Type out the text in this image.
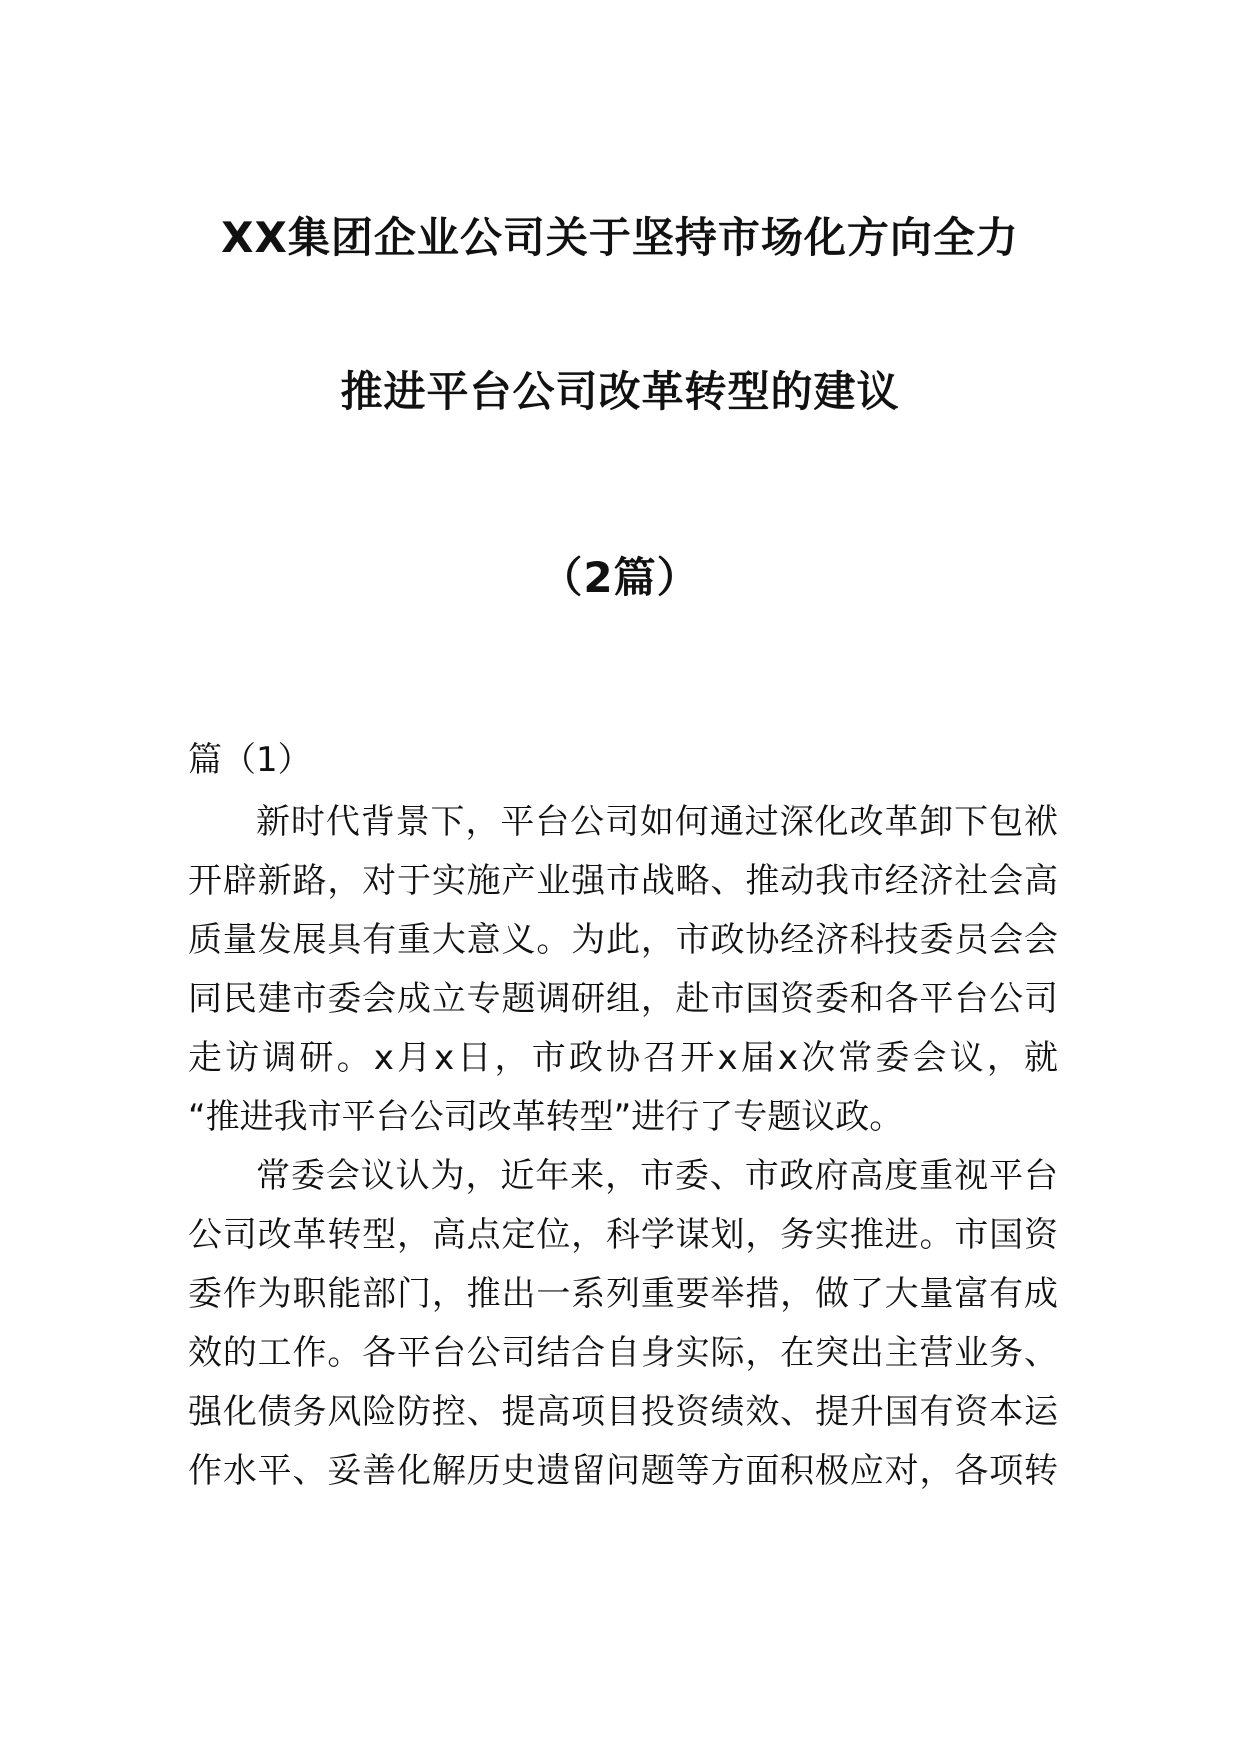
XX集团企业公司关于坚持市场化方向全力
推进平台公司改革转型的建议
（2篇）
篇（1）
新时代背景下，平台公司如何通过深化改革卸下包袱
开辟新路，对于实施产业强市战略、推动我市经济社会高
质量发展具有重大意义。为此，市政协经济科技委员会会
同民建市委会成立专题调研组，赴市国资委和各平台公司
走访调研。x月x日，市政协召开x届x次常委会议，就
“推进我市平台公司改革转型”进行了专题议政。
常委会议认为，近年来，市委、市政府高度重视平台
公司改革转型，高点定位，科学谋划，务实推进。市国资
委作为职能部门，推出一系列重要举措，做了大量富有成
效的工作。各平台公司结合自身实际，在突出主营业务、
强化债务风险防控、提高项目投资绩效、提升国有资本运
作水平、妥善化解历史遗留问题等方面积极应对，各项转
